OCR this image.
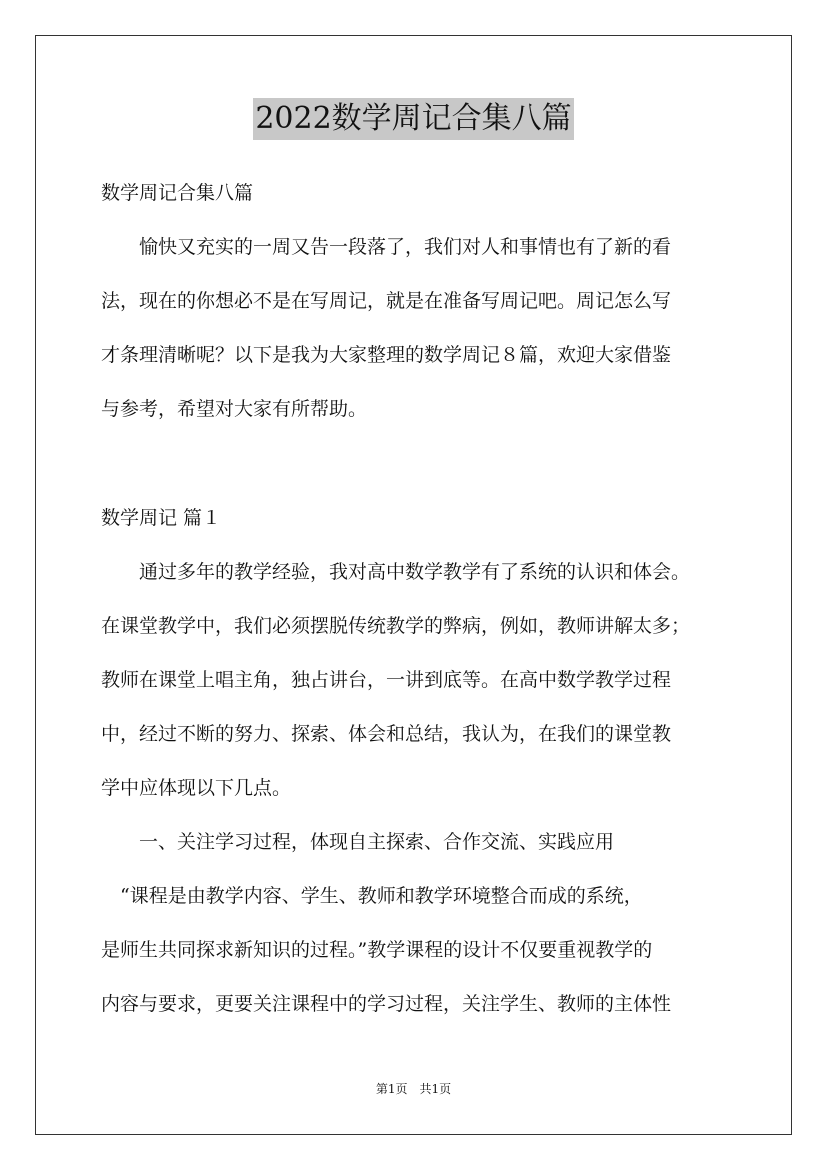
2022数学周记合集八篇

数学周记合集八篇

　　愉快又充实的一周又告一段落了，我们对人和事情也有了新的看

法，现在的你想必不是在写周记，就是在准备写周记吧。周记怎么写

才条理清晰呢？以下是我为大家整理的数学周记８篇，欢迎大家借鉴

与参考，希望对大家有所帮助。

数学周记 篇１

　　通过多年的教学经验，我对高中数学教学有了系统的认识和体会。

在课堂教学中，我们必须摆脱传统教学的弊病，例如，教师讲解太多；

教师在课堂上唱主角，独占讲台，一讲到底等。在高中数学教学过程

中，经过不断的努力、探索、体会和总结，我认为，在我们的课堂教

学中应体现以下几点。

　　一、关注学习过程，体现自主探索、合作交流、实践应用

　“课程是由教学内容、学生、教师和教学环境整合而成的系统，

是师生共同探求新知识的过程。”教学课程的设计不仅要重视教学的

内容与要求，更要关注课程中的学习过程，关注学生、教师的主体性

第1页　共1页
